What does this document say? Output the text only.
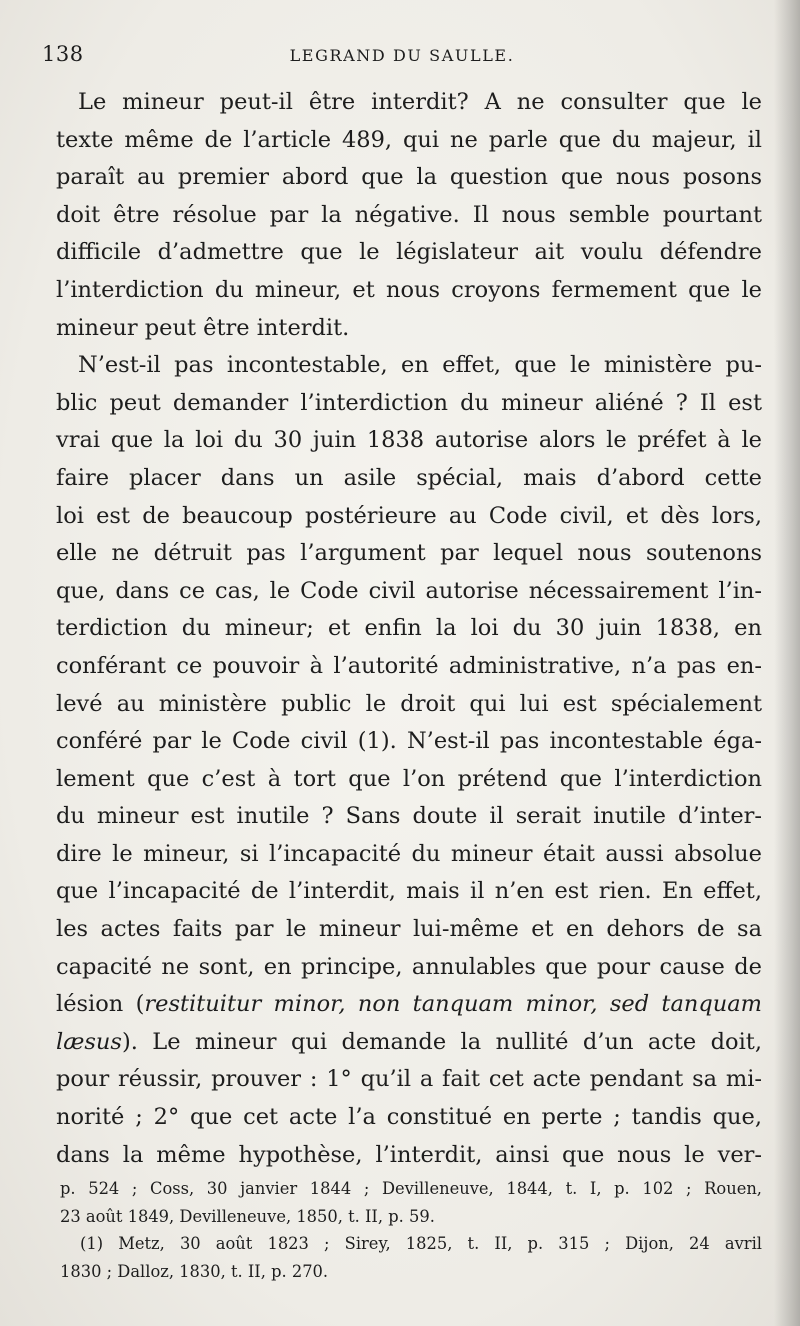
138	LEGRAND DU SAULLE.
Le mineur peut-il être interdit? A ne consulter que le
texte même de l’article 489, qui ne parle que du majeur, il
paraît au premier abord que la question que nous posons
doit être résolue par la négative. Il nous semble pourtant
difficile d’admettre que le législateur ait voulu défendre
l’interdiction du mineur, et nous croyons fermement que le
mineur peut être interdit.
N’est-il pas incontestable, en effet, que le ministère pu-
blic peut demander l’interdiction du mineur aliéné ? Il est
vrai que la loi du 30 juin 1838 autorise alors le préfet à le
faire placer dans un asile spécial, mais d’abord cette
loi est de beaucoup postérieure au Code civil, et dès lors,
elle ne détruit pas l’argument par lequel nous soutenons
que, dans ce cas, le Code civil autorise nécessairement l’in-
terdiction du mineur; et enfin la loi du 30 juin 1838, en
conférant ce pouvoir à l’autorité administrative, n’a pas en-
levé au ministère public le droit qui lui est spécialement
conféré par le Code civil (1). N’est-il pas incontestable éga-
lement que c’est à tort que l’on prétend que l’interdiction
du mineur est inutile ? Sans doute il serait inutile d’inter-
dire le mineur, si l’incapacité du mineur était aussi absolue
que l’incapacité de l’interdit, mais il n’en est rien. En effet,
les actes faits par le mineur lui-même et en dehors de sa
capacité ne sont, en principe, annulables que pour cause de
lésion (restituitur minor, non tanquam minor, sed tanquam
læsus). Le mineur qui demande la nullité d’un acte doit,
pour réussir, prouver : 1° qu’il a fait cet acte pendant sa mi-
norité ; 2° que cet acte l’a constitué en perte ; tandis que,
dans la même hypothèse, l’interdit, ainsi que nous le ver-
p. 524 ; Coss, 30 janvier 1844 ; Devilleneuve, 1844, t. I, p. 102 ; Rouen,
23 août 1849, Devilleneuve, 1850, t. II, p. 59.
(1) Metz, 30 août 1823 ; Sirey, 1825, t. II, p. 315 ; Dijon, 24 avril
1830 ; Dalloz, 1830, t. II, p. 270.
